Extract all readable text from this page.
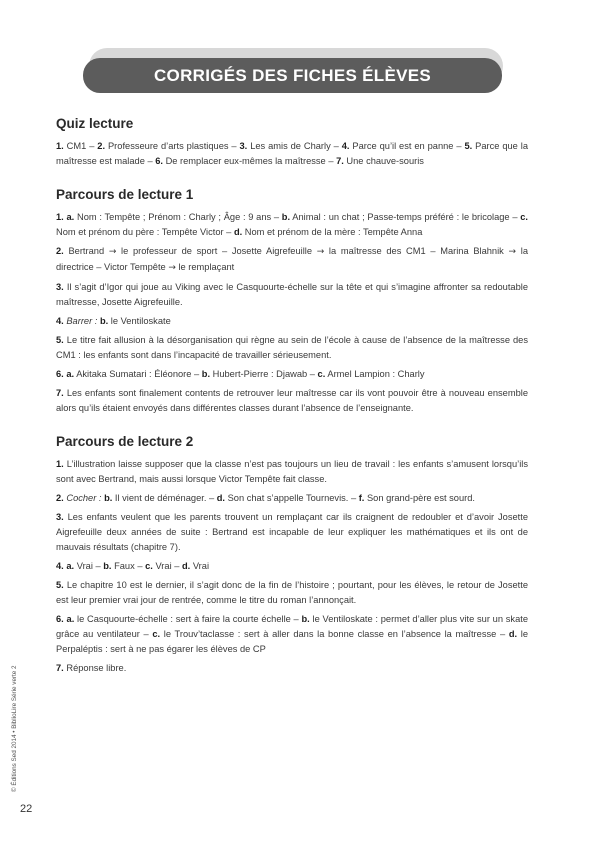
CORRIGÉS DES FICHES ÉLÈVES
Quiz lecture

1. CM1 – 2. Professeure d’arts plastiques – 3. Les amis de Charly – 4. Parce qu’il est en panne – 5. Parce que la maîtresse est malade – 6. De remplacer eux-mêmes la maîtresse – 7. Une chauve-souris

Parcours de lecture 1

1. a. Nom : Tempête ; Prénom : Charly ; Âge : 9 ans – b. Animal : un chat ; Passe-temps préféré : le bricolage – c. Nom et prénom du père : Tempête Victor – d. Nom et prénom de la mère : Tempête Anna

2. Bertrand → le professeur de sport – Josette Aigrefeuille → la maîtresse des CM1 – Marina Blahnik → la directrice – Victor Tempête → le remplaçant

3. Il s’agit d’Igor qui joue au Viking avec le Casquourte-échelle sur la tête et qui s’imagine affronter sa redoutable maîtresse, Josette Aigrefeuille.

4. Barrer : b. le Ventiloskate

5. Le titre fait allusion à la désorganisation qui règne au sein de l’école à cause de l’absence de la maîtresse des CM1 : les enfants sont dans l’incapacité de travailler sérieusement.

6. a. Akitaka Sumatari : Éléonore – b. Hubert-Pierre : Djawab – c. Armel Lampion : Charly

7. Les enfants sont finalement contents de retrouver leur maîtresse car ils vont pouvoir être à nouveau ensemble alors qu’ils étaient envoyés dans différentes classes durant l’absence de l’enseignante.

Parcours de lecture 2

1. L’illustration laisse supposer que la classe n’est pas toujours un lieu de travail : les enfants s’amusent lorsqu’ils sont avec Bertrand, mais aussi lorsque Victor Tempête fait classe.

2. Cocher : b. Il vient de déménager. – d. Son chat s’appelle Tournevis. – f. Son grand-père est sourd.

3. Les enfants veulent que les parents trouvent un remplaçant car ils craignent de redoubler et d’avoir Josette Aigrefeuille deux années de suite : Bertrand est incapable de leur expliquer les mathématiques et ils ont de mauvais résultats (chapitre 7).

4. a. Vrai – b. Faux – c. Vrai – d. Vrai

5. Le chapitre 10 est le dernier, il s’agit donc de la fin de l’histoire ; pourtant, pour les élèves, le retour de Josette est leur premier vrai jour de rentrée, comme le titre du roman l’annonçait.

6. a. le Casquourte-échelle : sert à faire la courte échelle – b. le Ventiloskate : permet d’aller plus vite sur un skate grâce au ventilateur – c. le Trouv’taclasse : sert à aller dans la bonne classe en l’absence la maîtresse – d. le Perpaléptis : sert à ne pas égarer les élèves de CP

7. Réponse libre.

© Éditions Sed 2014 • BiblioLire Série verte 2
22
